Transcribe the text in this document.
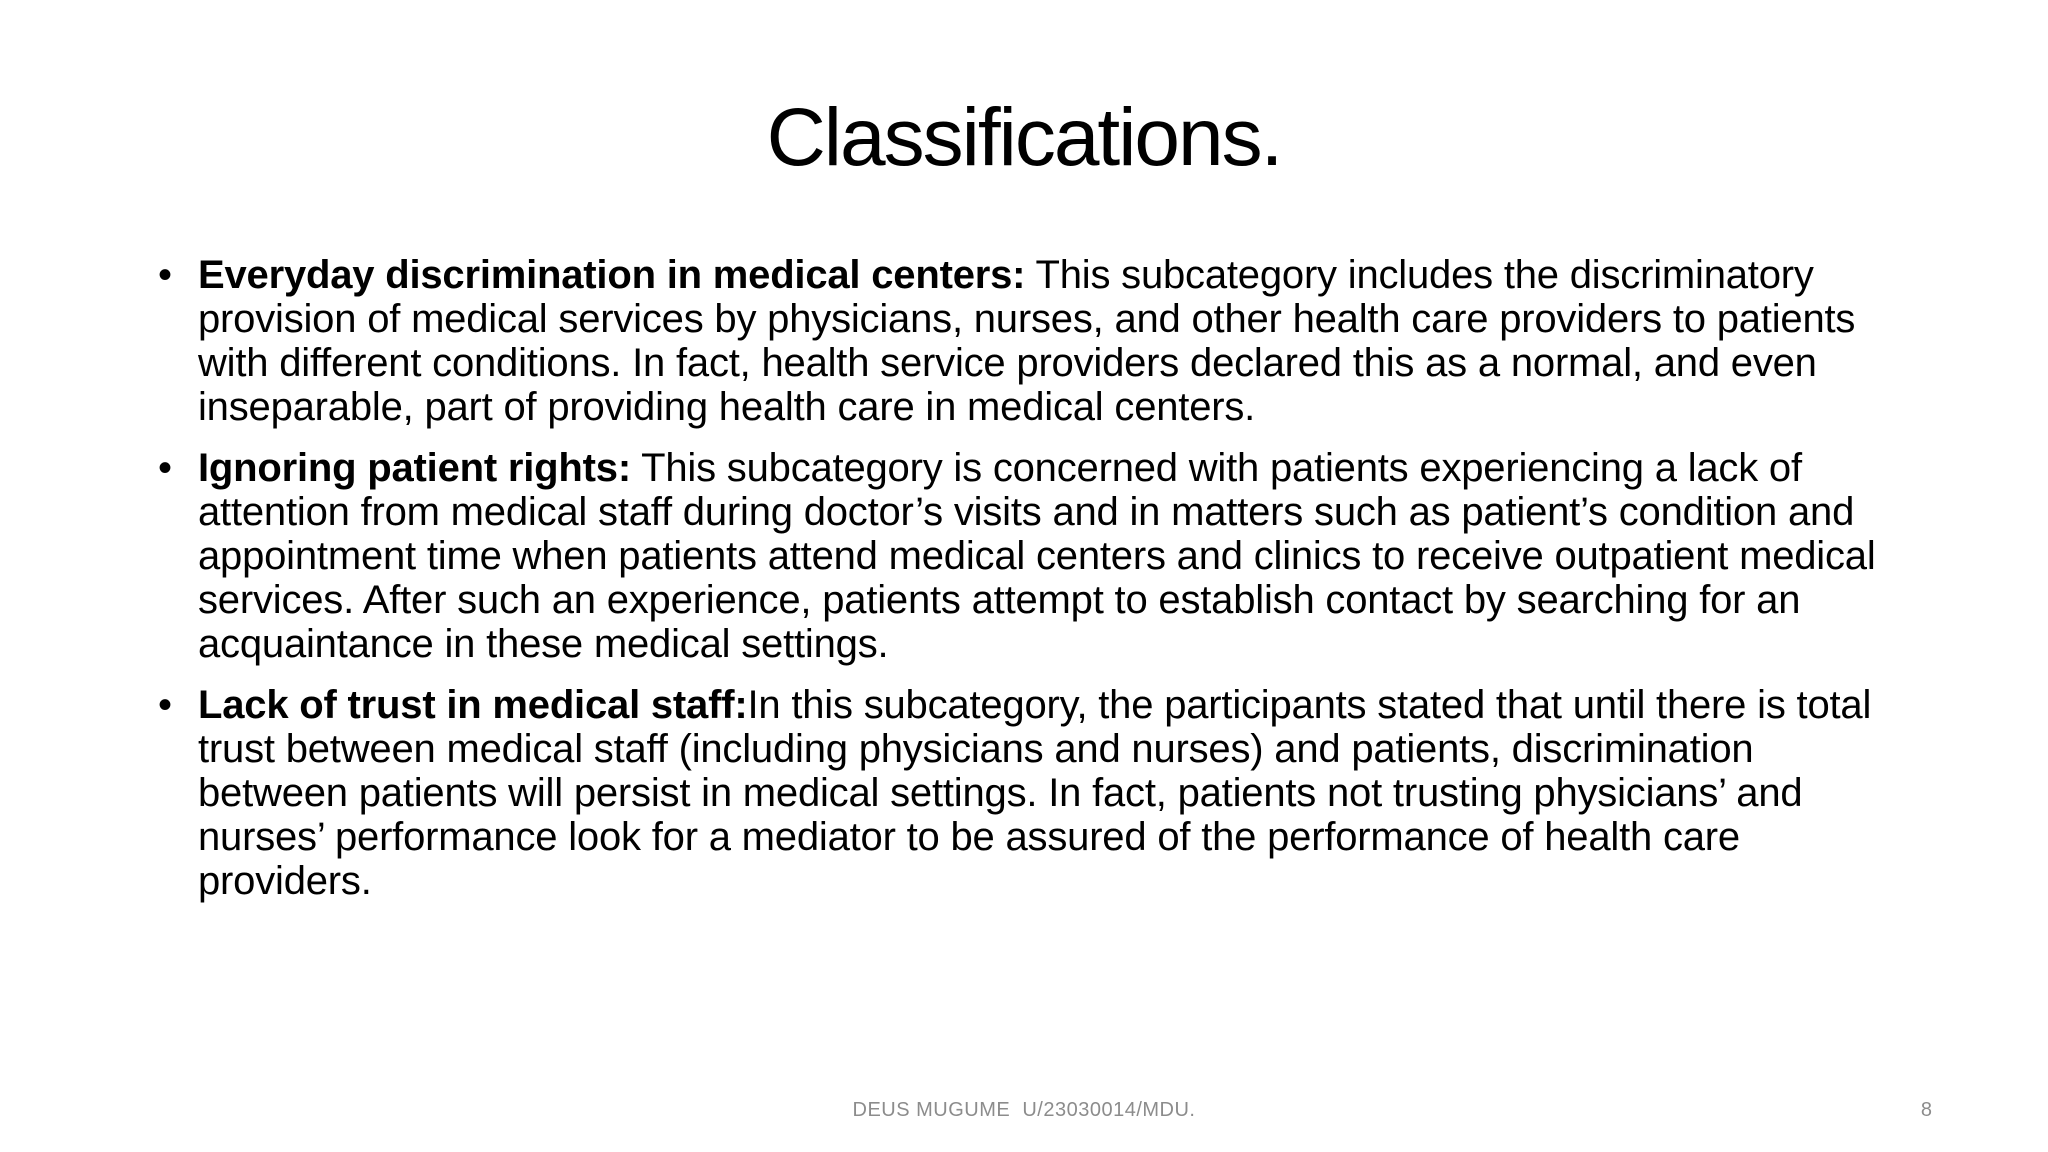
Classifications.
• Everyday discrimination in medical centers: This subcategory includes the discriminatory provision of medical services by physicians, nurses, and other health care providers to patients with different conditions. In fact, health service providers declared this as a normal, and even inseparable, part of providing health care in medical centers.
• Ignoring patient rights: This subcategory is concerned with patients experiencing a lack of attention from medical staff during doctor’s visits and in matters such as patient’s condition and appointment time when patients attend medical centers and clinics to receive outpatient medical services. After such an experience, patients attempt to establish contact by searching for an acquaintance in these medical settings.
• Lack of trust in medical staff:In this subcategory, the participants stated that until there is total trust between medical staff (including physicians and nurses) and patients, discrimination between patients will persist in medical settings. In fact, patients not trusting physicians’ and nurses’ performance look for a mediator to be assured of the performance of health care providers.
DEUS MUGUME  U/23030014/MDU.	8
